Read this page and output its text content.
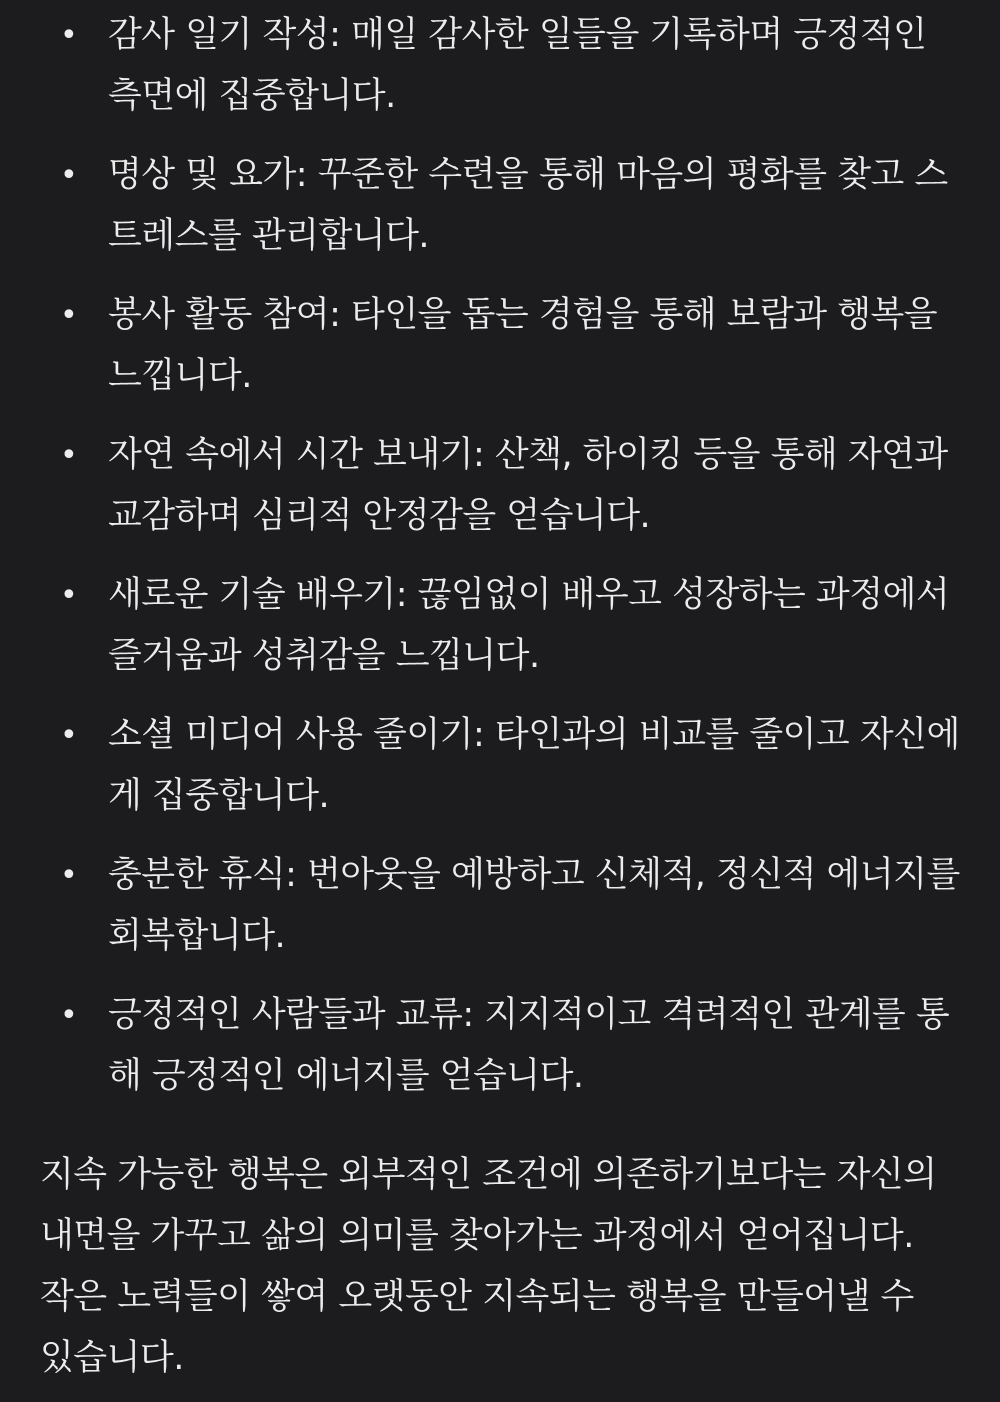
• 감사 일기 작성: 매일 감사한 일들을 기록하며 긍정적인 측면에 집중합니다.
• 명상 및 요가: 꾸준한 수련을 통해 마음의 평화를 찾고 스트레스를 관리합니다.
• 봉사 활동 참여: 타인을 돕는 경험을 통해 보람과 행복을 느낍니다.
• 자연 속에서 시간 보내기: 산책, 하이킹 등을 통해 자연과 교감하며 심리적 안정감을 얻습니다.
• 새로운 기술 배우기: 끊임없이 배우고 성장하는 과정에서 즐거움과 성취감을 느낍니다.
• 소셜 미디어 사용 줄이기: 타인과의 비교를 줄이고 자신에게 집중합니다.
• 충분한 휴식: 번아웃을 예방하고 신체적, 정신적 에너지를 회복합니다.
• 긍정적인 사람들과 교류: 지지적이고 격려적인 관계를 통해 긍정적인 에너지를 얻습니다.

지속 가능한 행복은 외부적인 조건에 의존하기보다는 자신의 내면을 가꾸고 삶의 의미를 찾아가는 과정에서 얻어집니다. 작은 노력들이 쌓여 오랫동안 지속되는 행복을 만들어낼 수 있습니다.
